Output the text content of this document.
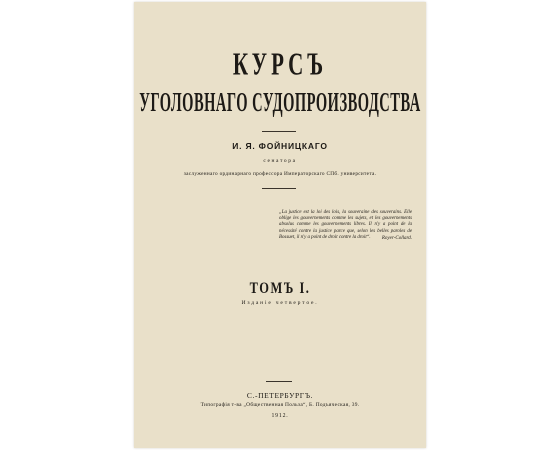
КУРСЪ
УГОЛОВНАГО СУДОПРОИЗВОДСТВА
И. Я. ФОЙНИЦКАГО
сенатора
заслуженнаго ординарнаго профессора Императорскаго СПб. университета.
„La justice est la loi des lois, la souveraine des souverains. Elle oblige les gouvernements comme les sujets, et les gouvernements absolus comme les gouvernements libres. Il n'y a point de la nécessité contre la justice parce que, selon les belles paroles de Bossuet, il n'y a point de droit contre la droit“.	Royer-Collard.
ТОМЪ I.
Изданіе четвертое.
С.-ПЕТЕРБУРГЪ.
Типографія т-ва „Общественная Польза“, Б. Подъяческая, 39.
1912.
